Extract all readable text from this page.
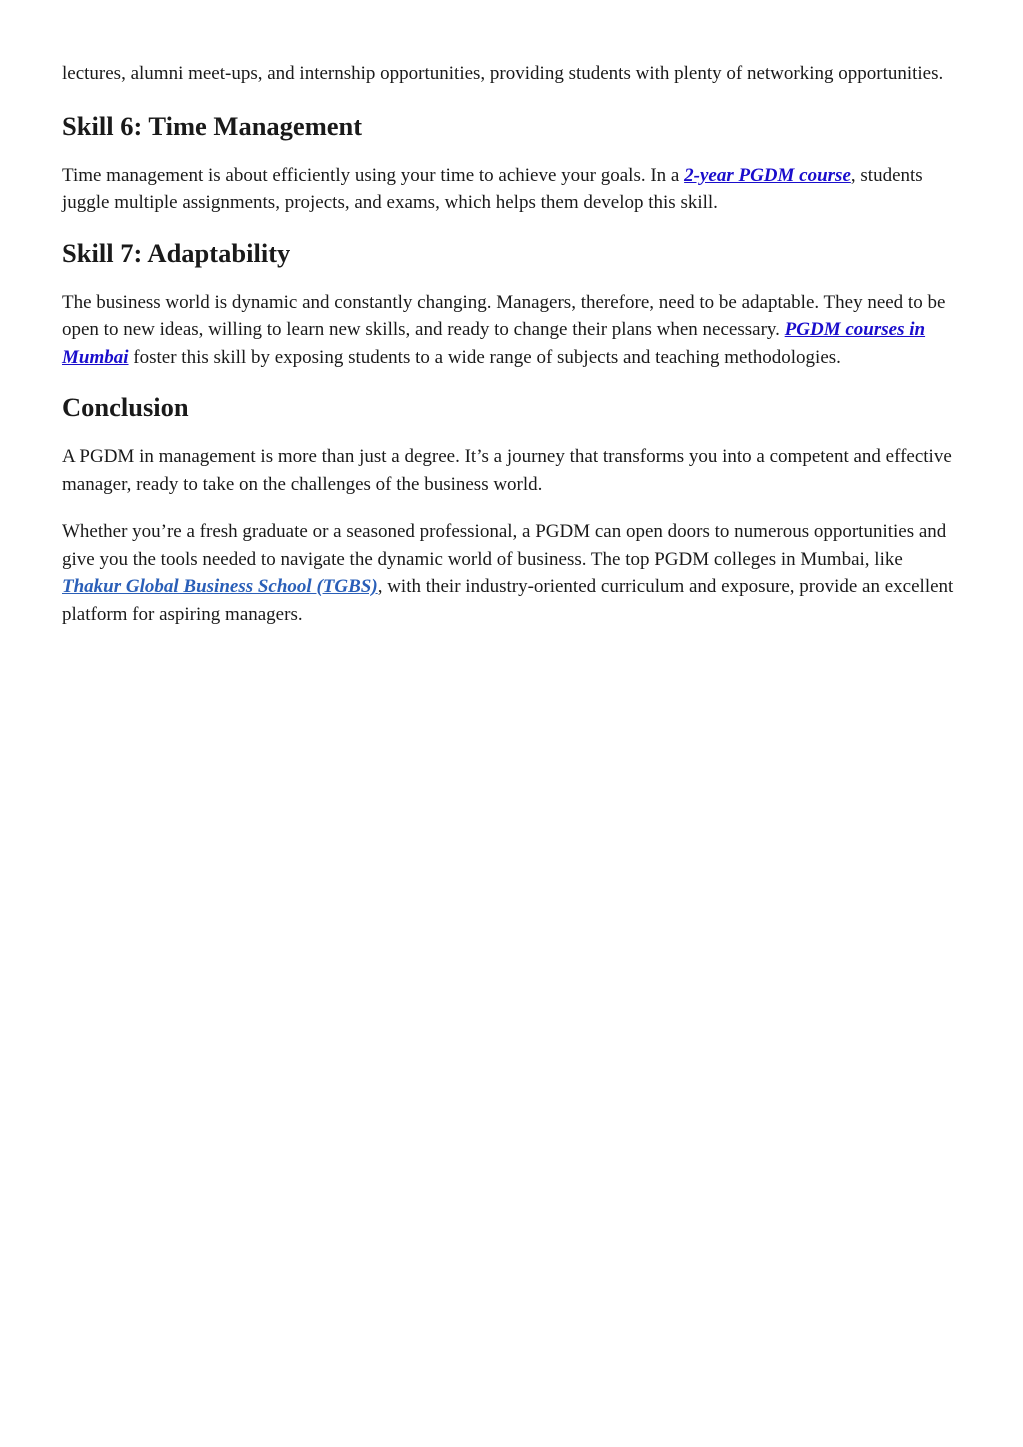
lectures, alumni meet-ups, and internship opportunities, providing students with plenty of networking opportunities.

Skill 6: Time Management

Time management is about efficiently using your time to achieve your goals. In a 2-year PGDM course, students juggle multiple assignments, projects, and exams, which helps them develop this skill.

Skill 7: Adaptability

The business world is dynamic and constantly changing. Managers, therefore, need to be adaptable. They need to be open to new ideas, willing to learn new skills, and ready to change their plans when necessary. PGDM courses in Mumbai foster this skill by exposing students to a wide range of subjects and teaching methodologies.

Conclusion

A PGDM in management is more than just a degree. It’s a journey that transforms you into a competent and effective manager, ready to take on the challenges of the business world.

Whether you’re a fresh graduate or a seasoned professional, a PGDM can open doors to numerous opportunities and give you the tools needed to navigate the dynamic world of business. The top PGDM colleges in Mumbai, like Thakur Global Business School (TGBS), with their industry-oriented curriculum and exposure, provide an excellent platform for aspiring managers.
